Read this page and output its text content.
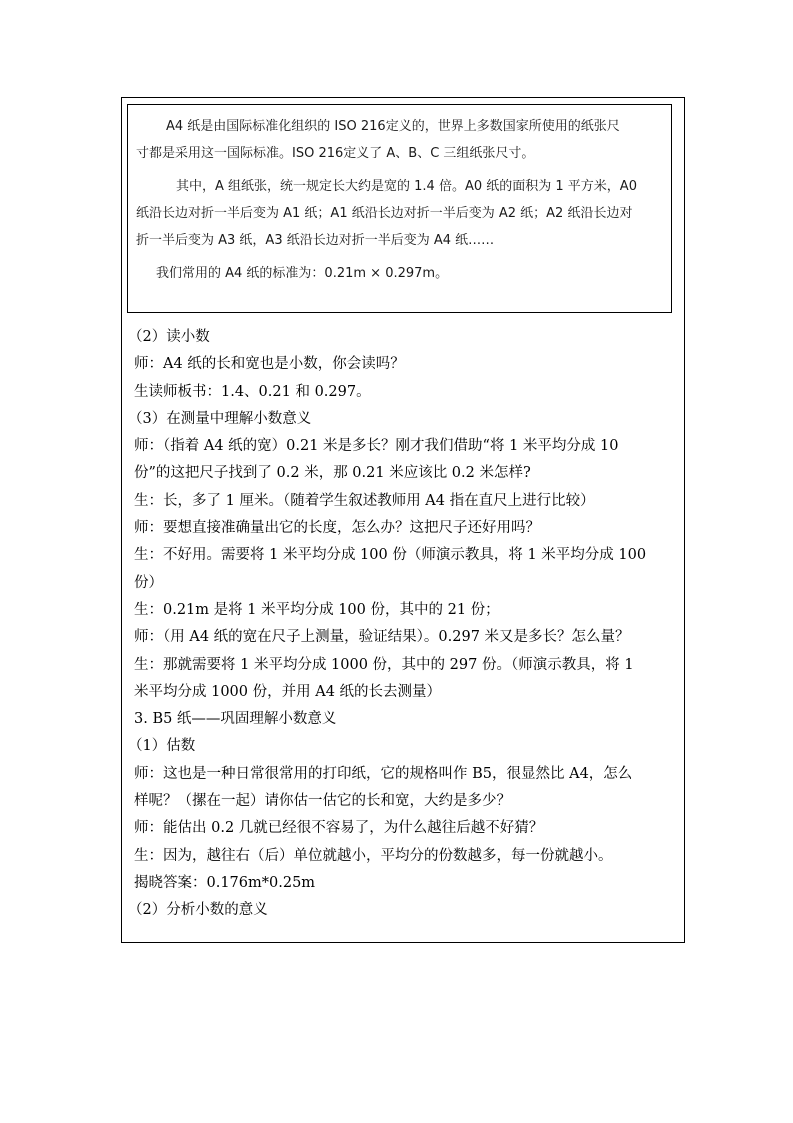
A4 纸是由国际标准化组织的 ISO 216定义的，世界上多数国家所使用的纸张尺

寸都是采用这一国际标准。ISO 216定义了 A、B、C 三组纸张尺寸。

其中，A 组纸张，统一规定长大约是宽的 1.4 倍。A0 纸的面积为 1 平方米，A0

纸沿长边对折一半后变为 A1 纸；A1 纸沿长边对折一半后变为 A2 纸；A2 纸沿长边对

折一半后变为 A3 纸，A3 纸沿长边对折一半后变为 A4 纸……

我们常用的 A4 纸的标准为：0.21m × 0.297m。

（2）读小数
师：A4 纸的长和宽也是小数，你会读吗？
生读师板书：1.4、0.21 和 0.297。
（3）在测量中理解小数意义
师：（指着 A4 纸的宽）0.21 米是多长？刚才我们借助“将 1 米平均分成 10
份”的这把尺子找到了 0.2 米，那 0.21 米应该比 0.2 米怎样?
生：长，多了 1 厘米。（随着学生叙述教师用 A4 指在直尺上进行比较）
师：要想直接准确量出它的长度，怎么办？这把尺子还好用吗？
生：不好用。需要将 1 米平均分成 100 份（师演示教具，将 1 米平均分成 100
份）
生：0.21m 是将 1 米平均分成 100 份，其中的 21 份；
师：（用 A4 纸的宽在尺子上测量，验证结果）。0.297 米又是多长？怎么量？
生：那就需要将 1 米平均分成 1000 份，其中的 297 份。（师演示教具，将 1
米平均分成 1000 份，并用 A4 纸的长去测量）
3. B5 纸——巩固理解小数意义
（1）估数
师：这也是一种日常很常用的打印纸，它的规格叫作 B5，很显然比 A4，怎么
样呢？（摞在一起）请你估一估它的长和宽，大约是多少？
师：能估出 0.2 几就已经很不容易了，为什么越往后越不好猜？
生：因为，越往右（后）单位就越小，平均分的份数越多，每一份就越小。
揭晓答案：0.176m*0.25m
（2）分析小数的意义
